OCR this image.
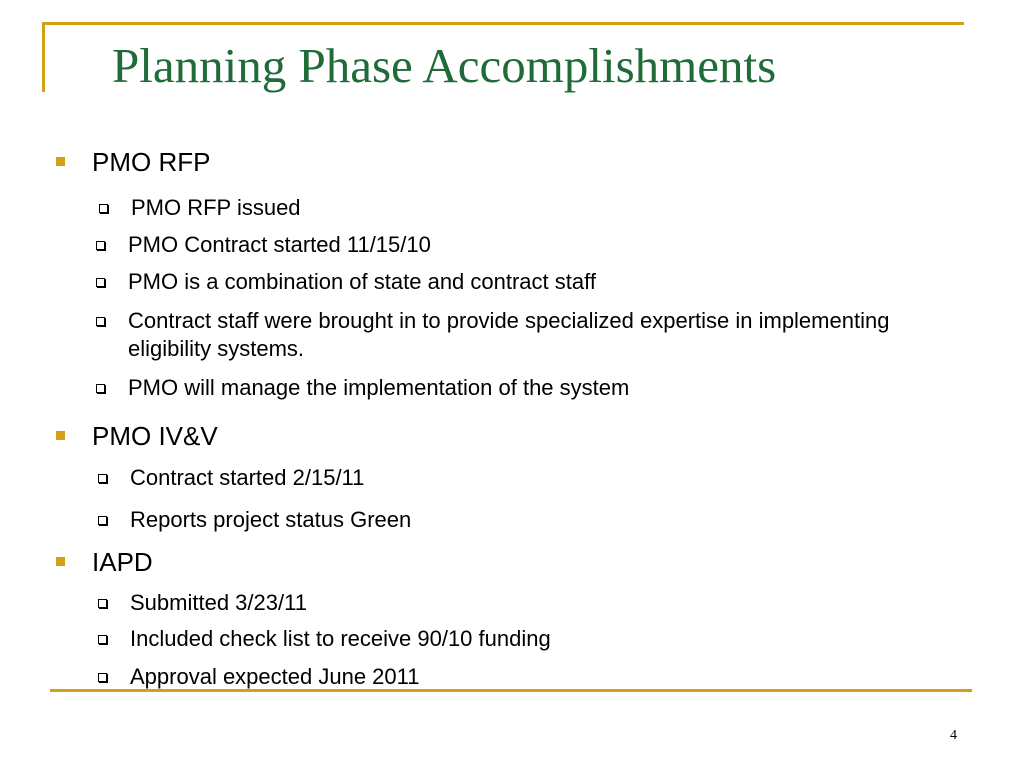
Planning Phase Accomplishments
PMO RFP
PMO RFP issued
PMO Contract started 11/15/10
PMO is a combination of state and contract staff
Contract staff were brought in to provide specialized expertise in implementing eligibility systems.
PMO will manage the implementation of the system
PMO IV&V
Contract started 2/15/11
Reports project status Green
IAPD
Submitted 3/23/11
Included check list to receive 90/10 funding
Approval expected June 2011
4
